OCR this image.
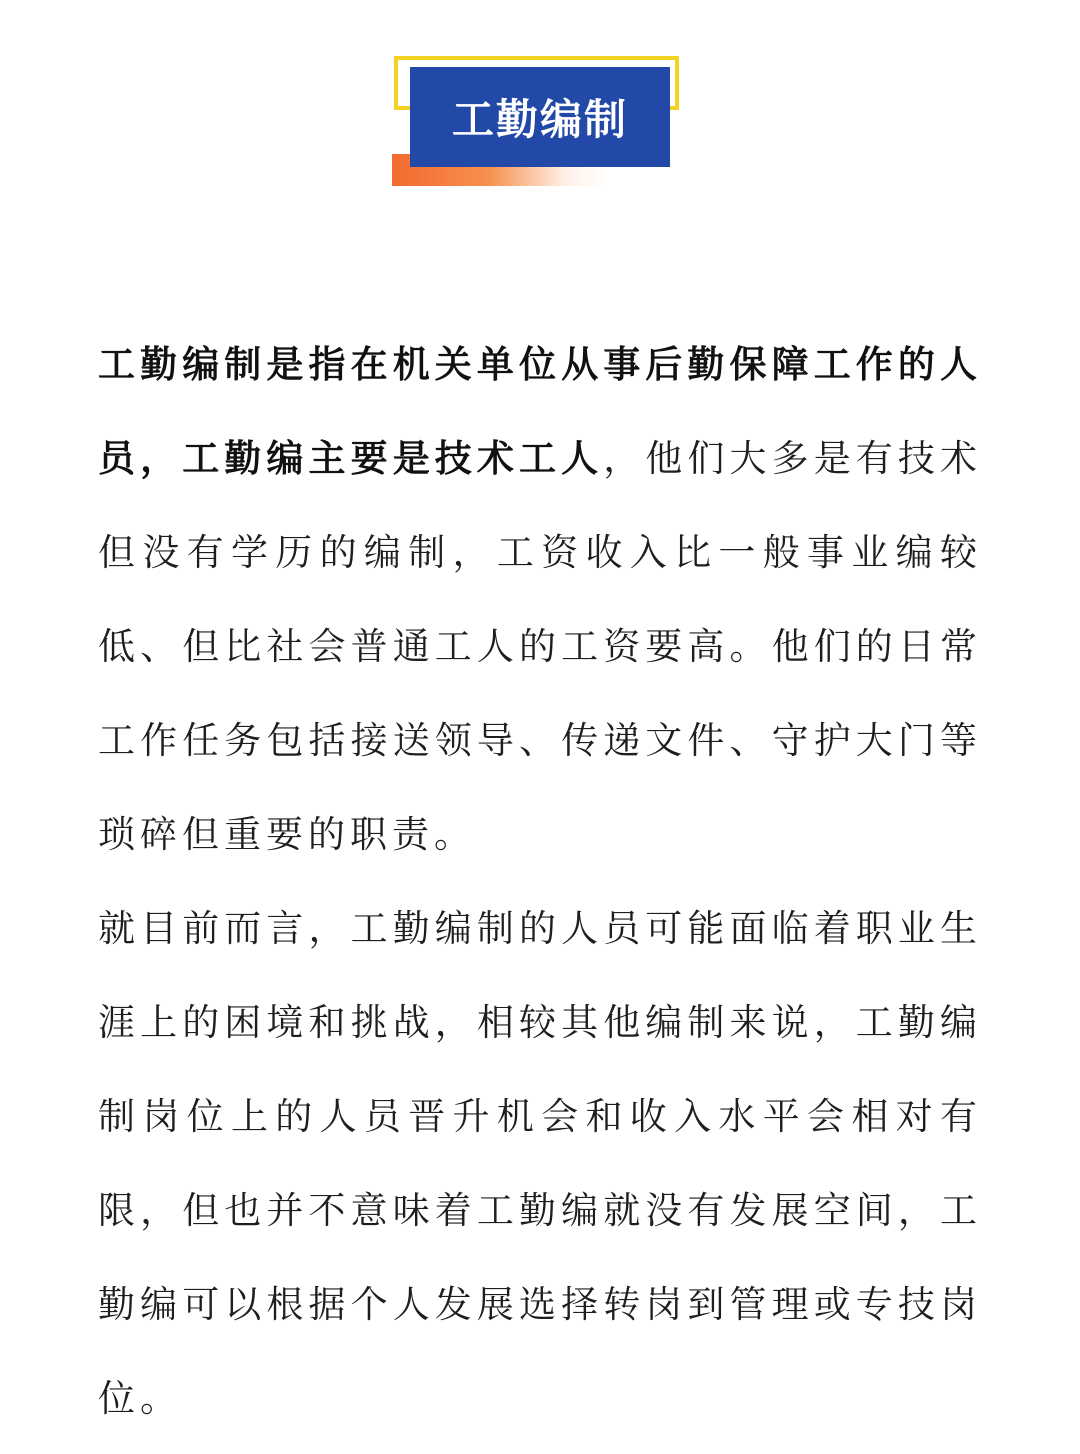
工勤编制

工勤编制是指在机关单位从事后勤保障工作的人员，工勤编主要是技术工人，他们大多是有技术但没有学历的编制，工资收入比一般事业编较低、但比社会普通工人的工资要高。他们的日常工作任务包括接送领导、传递文件、守护大门等琐碎但重要的职责。

就目前而言，工勤编制的人员可能面临着职业生涯上的困境和挑战，相较其他编制来说，工勤编制岗位上的人员晋升机会和收入水平会相对有限，但也并不意味着工勤编就没有发展空间，工勤编可以根据个人发展选择转岗到管理或专技岗位。
